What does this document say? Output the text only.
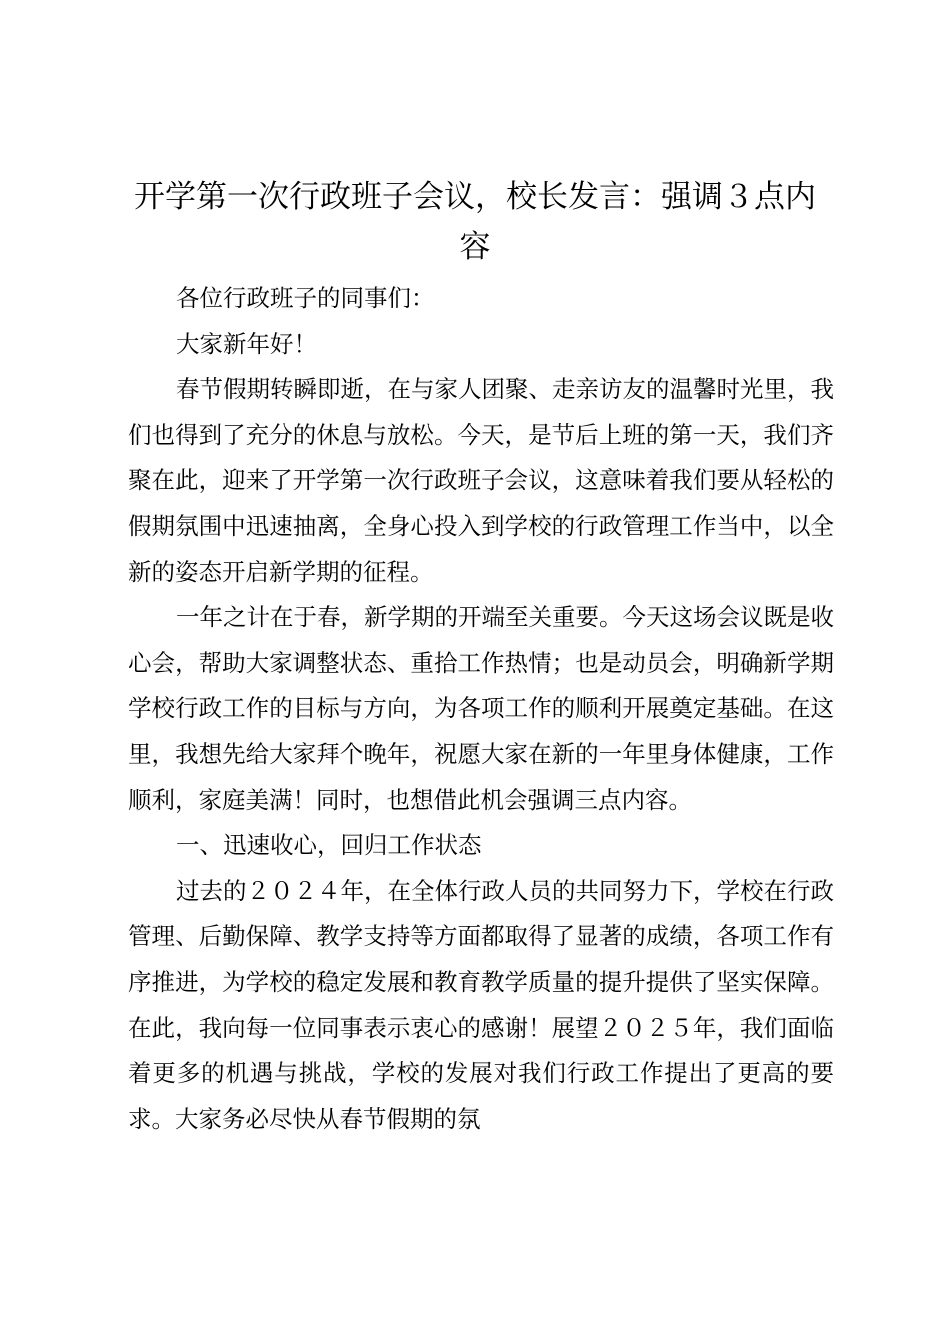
开学第一次行政班子会议，校长发言：强调３点内容

各位行政班子的同事们：

大家新年好！

春节假期转瞬即逝，在与家人团聚、走亲访友的温馨时光里，我们也得到了充分的休息与放松。今天，是节后上班的第一天，我们齐聚在此，迎来了开学第一次行政班子会议，这意味着我们要从轻松的假期氛围中迅速抽离，全身心投入到学校的行政管理工作当中，以全新的姿态开启新学期的征程。

一年之计在于春，新学期的开端至关重要。今天这场会议既是收心会，帮助大家调整状态、重拾工作热情；也是动员会，明确新学期学校行政工作的目标与方向，为各项工作的顺利开展奠定基础。在这里，我想先给大家拜个晚年，祝愿大家在新的一年里身体健康，工作顺利，家庭美满！同时，也想借此机会强调三点内容。

一、迅速收心，回归工作状态

过去的２０２４年，在全体行政人员的共同努力下，学校在行政管理、后勤保障、教学支持等方面都取得了显著的成绩，各项工作有序推进，为学校的稳定发展和教育教学质量的提升提供了坚实保障。在此，我向每一位同事表示衷心的感谢！展望２０２５年，我们面临着更多的机遇与挑战，学校的发展对我们行政工作提出了更高的要求。大家务必尽快从春节假期的氛
